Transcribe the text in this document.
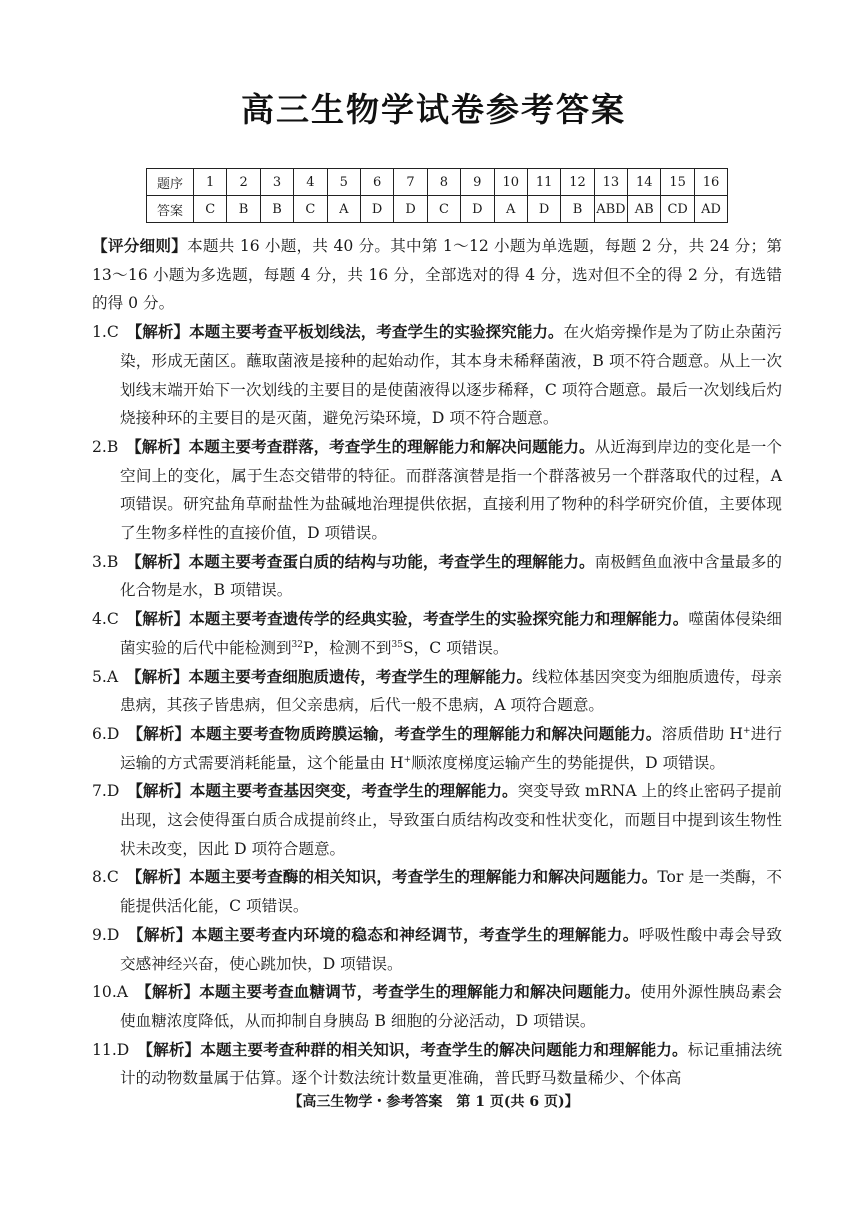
高三生物学试卷参考答案
题序	1	2	3	4	5	6	7	8	9	10	11	12	13	14	15	16
答案	C	B	B	C	A	D	D	C	D	A	D	B	ABD	AB	CD	AD

【评分细则】本题共 16 小题，共 40 分。其中第 1～12 小题为单选题，每题 2 分，共 24 分；第 13～16 小题为多选题，每题 4 分，共 16 分，全部选对的得 4 分，选对但不全的得 2 分，有选错的得 0 分。

1.C　 【解析】本题主要考查平板划线法，考查学生的实验探究能力。在火焰旁操作是为了防止杂菌污染，形成无菌区。蘸取菌液是接种的起始动作，其本身未稀释菌液，B 项不符合题意。从上一次划线末端开始下一次划线的主要目的是使菌液得以逐步稀释，C 项符合题意。最后一次划线后灼烧接种环的主要目的是灭菌，避免污染环境，D 项不符合题意。

2.B　 【解析】本题主要考查群落，考查学生的理解能力和解决问题能力。从近海到岸边的变化是一个空间上的变化，属于生态交错带的特征。而群落演替是指一个群落被另一个群落取代的过程，A 项错误。研究盐角草耐盐性为盐碱地治理提供依据，直接利用了物种的科学研究价值，主要体现了生物多样性的直接价值，D 项错误。

3.B　 【解析】本题主要考查蛋白质的结构与功能，考查学生的理解能力。南极鳕鱼血液中含量最多的化合物是水，B 项错误。

4.C　 【解析】本题主要考查遗传学的经典实验，考查学生的实验探究能力和理解能力。噬菌体侵染细菌实验的后代中能检测到$^{32}$P，检测不到$^{35}$S，C 项错误。

5.A　 【解析】本题主要考查细胞质遗传，考查学生的理解能力。线粒体基因突变为细胞质遗传，母亲患病，其孩子皆患病，但父亲患病，后代一般不患病，A 项符合题意。

6.D　 【解析】本题主要考查物质跨膜运输，考查学生的理解能力和解决问题能力。溶质借助 H+进行运输的方式需要消耗能量，这个能量由 H+顺浓度梯度运输产生的势能提供，D 项错误。

7.D　 【解析】本题主要考查基因突变，考查学生的理解能力。突变导致 mRNA 上的终止密码子提前出现，这会使得蛋白质合成提前终止，导致蛋白质结构改变和性状变化，而题目中提到该生物性状未改变，因此 D 项符合题意。

8.C　 【解析】本题主要考查酶的相关知识，考查学生的理解能力和解决问题能力。Tor 是一类酶，不能提供活化能，C 项错误。

9.D　 【解析】本题主要考查内环境的稳态和神经调节，考查学生的理解能力。呼吸性酸中毒会导致交感神经兴奋，使心跳加快，D 项错误。

10.A　 【解析】本题主要考查血糖调节，考查学生的理解能力和解决问题能力。使用外源性胰岛素会使血糖浓度降低，从而抑制自身胰岛 B 细胞的分泌活动，D 项错误。

11.D　 【解析】本题主要考查种群的相关知识，考查学生的解决问题能力和理解能力。标记重捕法统计的动物数量属于估算。逐个计数法统计数量更准确，普氏野马数量稀少、个体高

【高三生物学・参考答案　第 1 页(共 6 页)】
